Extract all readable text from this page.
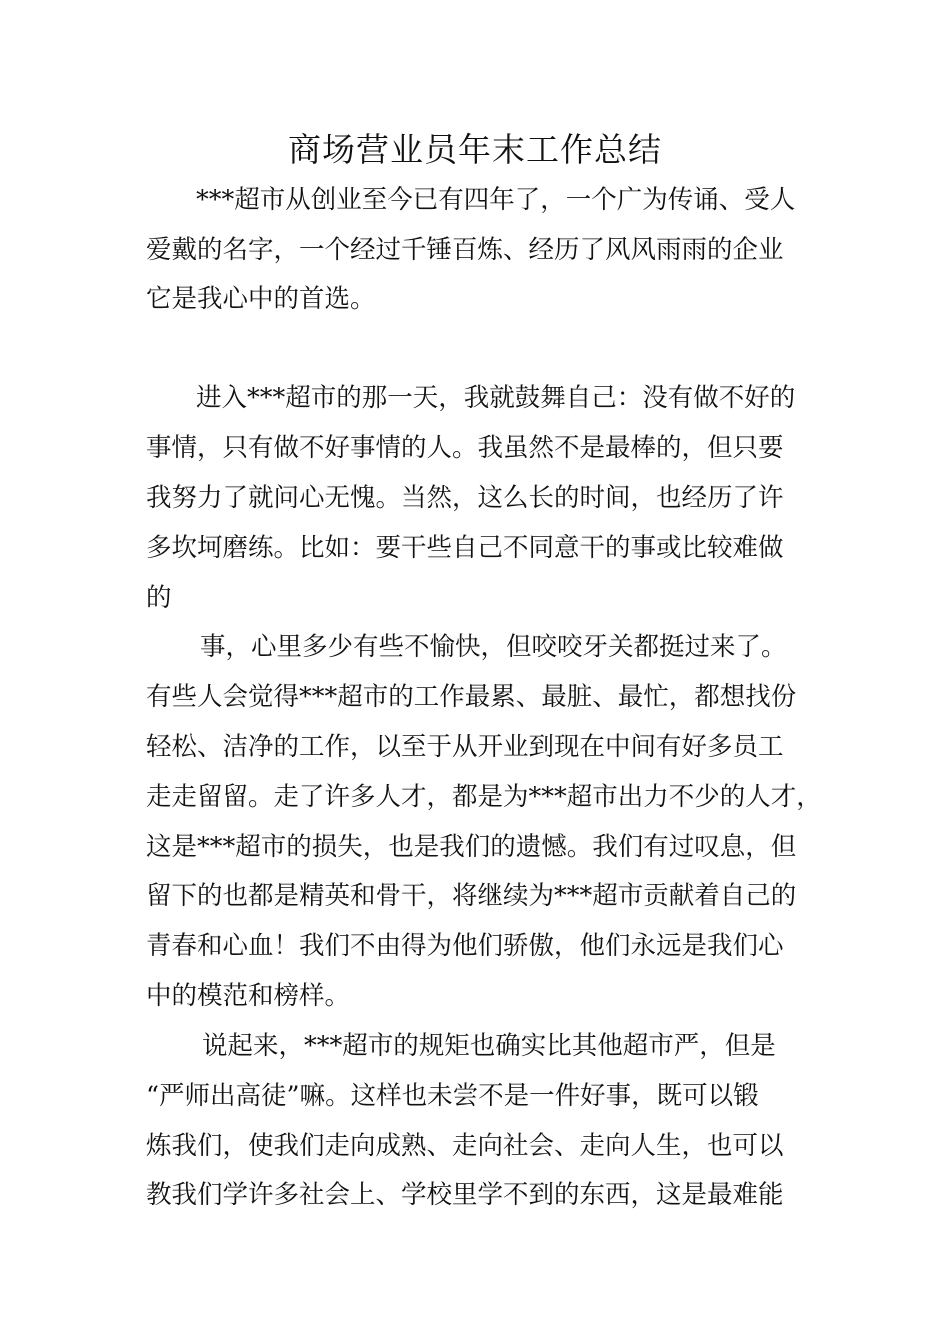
商场营业员年末工作总结

***超市从创业至今已有四年了，一个广为传诵、受人

爱戴的名字，一个经过千锤百炼、经历了风风雨雨的企业

它是我心中的首选。

进入***超市的那一天，我就鼓舞自己：没有做不好的

事情，只有做不好事情的人。我虽然不是最棒的，但只要

我努力了就问心无愧。当然，这么长的时间，也经历了许

多坎坷磨练。比如：要干些自己不同意干的事或比较难做

的

事，心里多少有些不愉快，但咬咬牙关都挺过来了。

有些人会觉得***超市的工作最累、最脏、最忙，都想找份

轻松、洁净的工作，以至于从开业到现在中间有好多员工

走走留留。走了许多人才，都是为***超市出力不少的人才，

这是***超市的损失，也是我们的遗憾。我们有过叹息，但

留下的也都是精英和骨干，将继续为***超市贡献着自己的

青春和心血！我们不由得为他们骄傲，他们永远是我们心

中的模范和榜样。

说起来，***超市的规矩也确实比其他超市严，但是

“严师出高徒”嘛。这样也未尝不是一件好事，既可以锻

炼我们，使我们走向成熟、走向社会、走向人生，也可以

教我们学许多社会上、学校里学不到的东西，这是最难能
